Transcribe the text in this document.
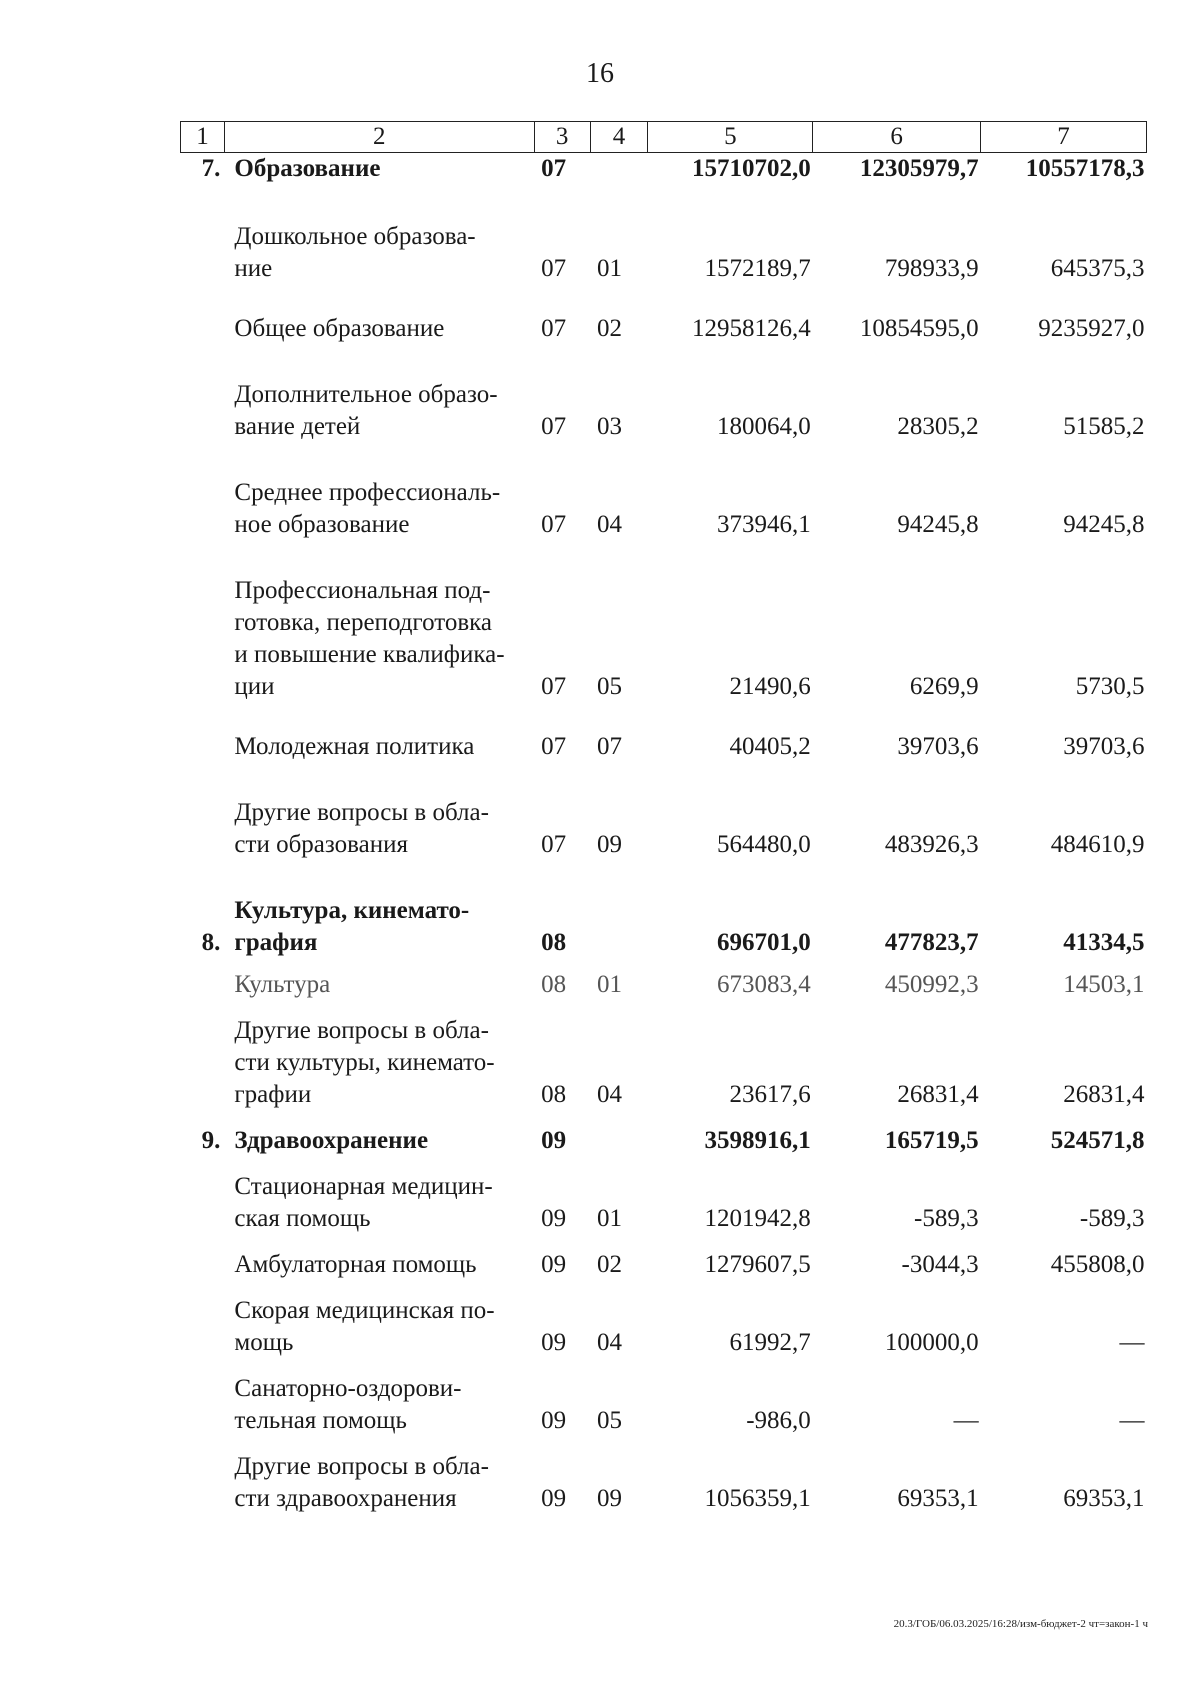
16
1	2	3	4	5	6	7
7.	Образование	07		15710702,0	12305979,7	10557178,3

	Дошкольное образова-
ние	07	01	1572189,7	798933,9	645375,3

	Общее образование	07	02	12958126,4	10854595,0	9235927,0

	Дополнительное образо-
вание детей	07	03	180064,0	28305,2	51585,2

	Среднее профессиональ-
ное образование	07	04	373946,1	94245,8	94245,8

	Профессиональная под-
готовка, переподготовка
и повышение квалифика-
ции	07	05	21490,6	6269,9	5730,5

	Молодежная политика	07	07	40405,2	39703,6	39703,6

	Другие вопросы в обла-
сти образования	07	09	564480,0	483926,3	484610,9
8.	Культура, кинемато-
графия	08		696701,0	477823,7	41334,5

	Культура	08	01	673083,4	450992,3	14503,1

	Другие вопросы в обла-
сти культуры, кинемато-
графии	08	04	23617,6	26831,4	26831,4
9.	Здравоохранение	09		3598916,1	165719,5	524571,8

	Стационарная медицин-
ская помощь	09	01	1201942,8	-589,3	-589,3

	Амбулаторная помощь	09	02	1279607,5	-3044,3	455808,0

	Скорая медицинская по-
мощь	09	04	61992,7	100000,0	—

	Санаторно-оздорови-
тельная помощь	09	05	-986,0	—	—

	Другие вопросы в обла-
сти здравоохранения	09	09	1056359,1	69353,1	69353,1
20.3/ГОБ/06.03.2025/16:28/изм-бюджет-2 чт=закон-1 ч
